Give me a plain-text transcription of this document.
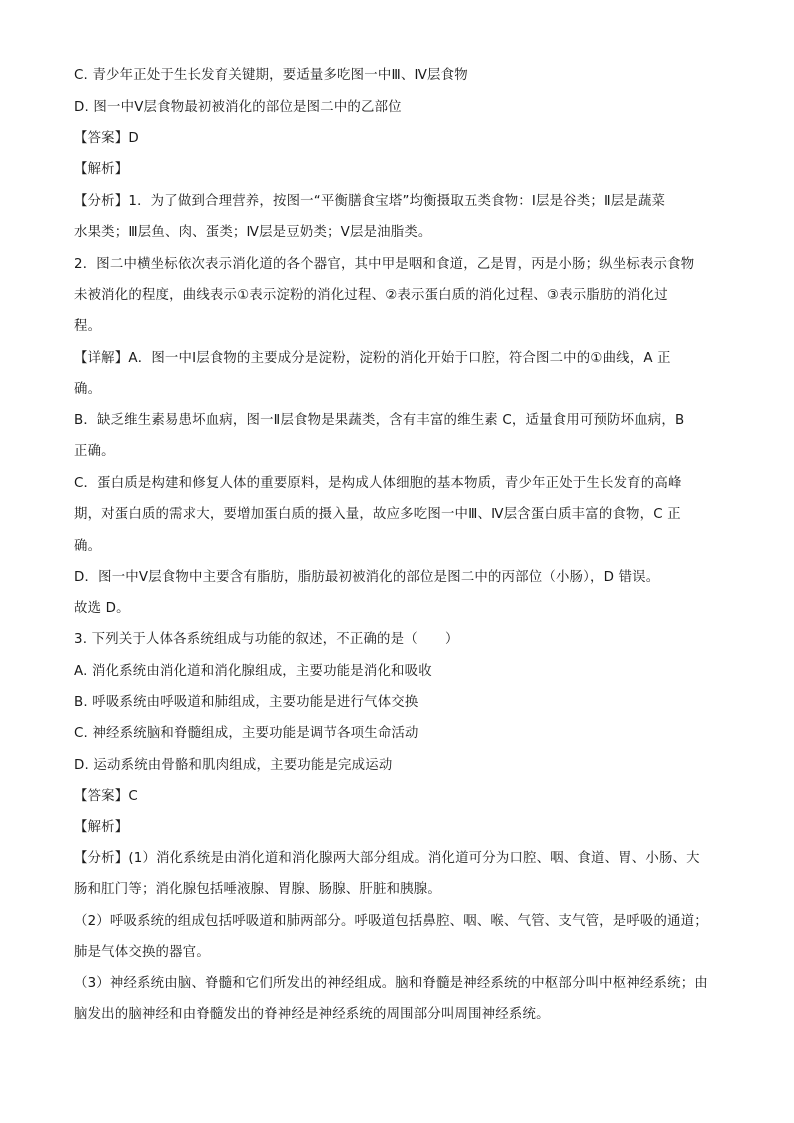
C. 青少年正处于生长发育关键期，要适量多吃图一中Ⅲ、Ⅳ层食物
D. 图一中Ⅴ层食物最初被消化的部位是图二中的乙部位
【答案】D
【解析】
【分析】1．为了做到合理营养，按图一“平衡膳食宝塔”均衡摄取五类食物：Ⅰ层是谷类；Ⅱ层是蔬菜
水果类；Ⅲ层鱼、肉、蛋类；Ⅳ层是豆奶类；Ⅴ层是油脂类。
2．图二中横坐标依次表示消化道的各个器官，其中甲是咽和食道，乙是胃，丙是小肠；纵坐标表示食物
未被消化的程度，曲线表示①表示淀粉的消化过程、②表示蛋白质的消化过程、③表示脂肪的消化过
程。
【详解】A．图一中Ⅰ层食物的主要成分是淀粉，淀粉的消化开始于口腔，符合图二中的①曲线，A 正
确。
B．缺乏维生素易患坏血病，图一Ⅱ层食物是果蔬类，含有丰富的维生素 C，适量食用可预防坏血病，B
正确。
C．蛋白质是构建和修复人体的重要原料，是构成人体细胞的基本物质，青少年正处于生长发育的高峰
期，对蛋白质的需求大，要增加蛋白质的摄入量，故应多吃图一中Ⅲ、Ⅳ层含蛋白质丰富的食物，C 正
确。
D．图一中Ⅴ层食物中主要含有脂肪，脂肪最初被消化的部位是图二中的丙部位（小肠），D 错误。
故选 D。
3. 下列关于人体各系统组成与功能的叙述，不正确的是（　　）
A. 消化系统由消化道和消化腺组成，主要功能是消化和吸收
B. 呼吸系统由呼吸道和肺组成，主要功能是进行气体交换
C. 神经系统脑和脊髓组成，主要功能是调节各项生命活动
D. 运动系统由骨骼和肌肉组成，主要功能是完成运动
【答案】C
【解析】
【分析】(1）消化系统是由消化道和消化腺两大部分组成。消化道可分为口腔、咽、食道、胃、小肠、大
肠和肛门等；消化腺包括唾液腺、胃腺、肠腺、肝脏和胰腺。
（2）呼吸系统的组成包括呼吸道和肺两部分。呼吸道包括鼻腔、咽、喉、气管、支气管，是呼吸的通道；
肺是气体交换的器官。
（3）神经系统由脑、脊髓和它们所发出的神经组成。脑和脊髓是神经系统的中枢部分叫中枢神经系统；由
脑发出的脑神经和由脊髓发出的脊神经是神经系统的周围部分叫周围神经系统。
